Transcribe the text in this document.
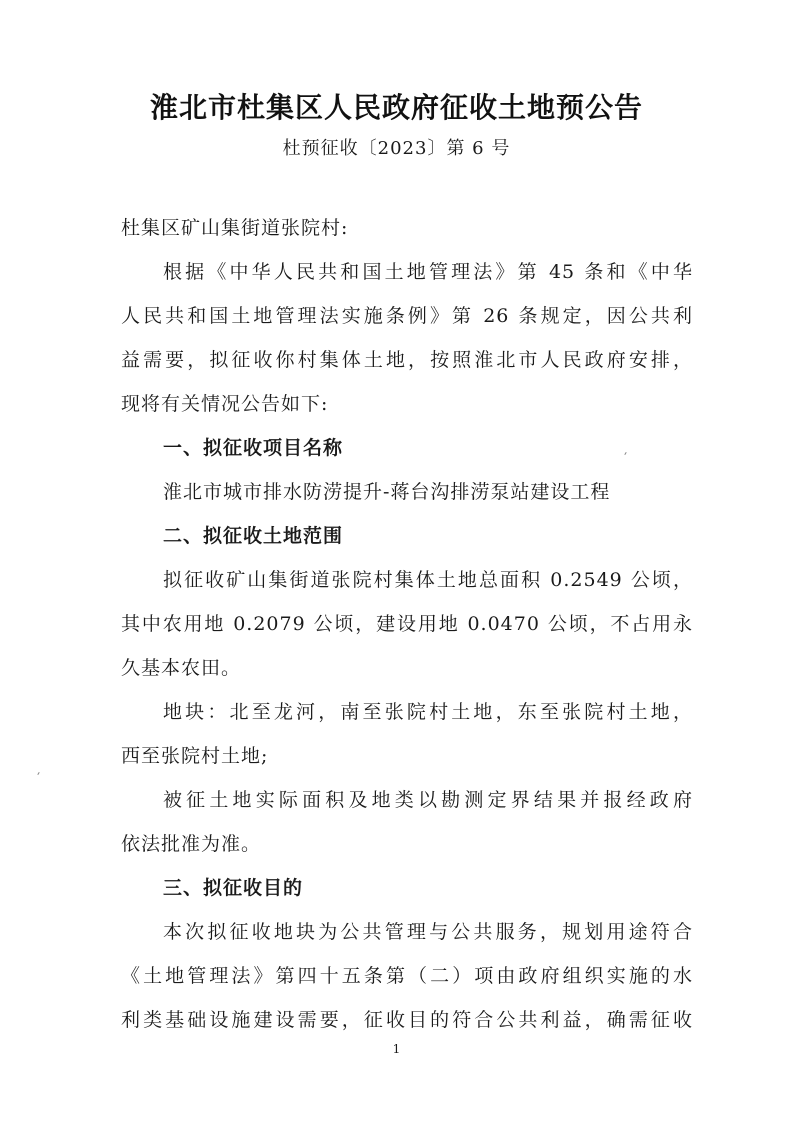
淮北市杜集区人民政府征收土地预公告
杜预征收〔2023〕第 6 号
杜集区矿山集街道张院村:
根据《中华人民共和国土地管理法》第 45 条和《中华
人民共和国土地管理法实施条例》第 26 条规定，因公共利
益需要，拟征收你村集体土地，按照淮北市人民政府安排，
现将有关情况公告如下:
一、拟征收项目名称
淮北市城市排水防涝提升-蒋台沟排涝泵站建设工程
二、拟征收土地范围
拟征收矿山集街道张院村集体土地总面积 0.2549 公顷，
其中农用地 0.2079 公顷，建设用地 0.0470 公顷，不占用永
久基本农田。
地块：北至龙河，南至张院村土地，东至张院村土地，
西至张院村土地;
被征土地实际面积及地类以勘测定界结果并报经政府
依法批准为准。
三、拟征收目的
本次拟征收地块为公共管理与公共服务，规划用途符合
《土地管理法》第四十五条第（二）项由政府组织实施的水
利类基础设施建设需要，征收目的符合公共利益，确需征收
1
